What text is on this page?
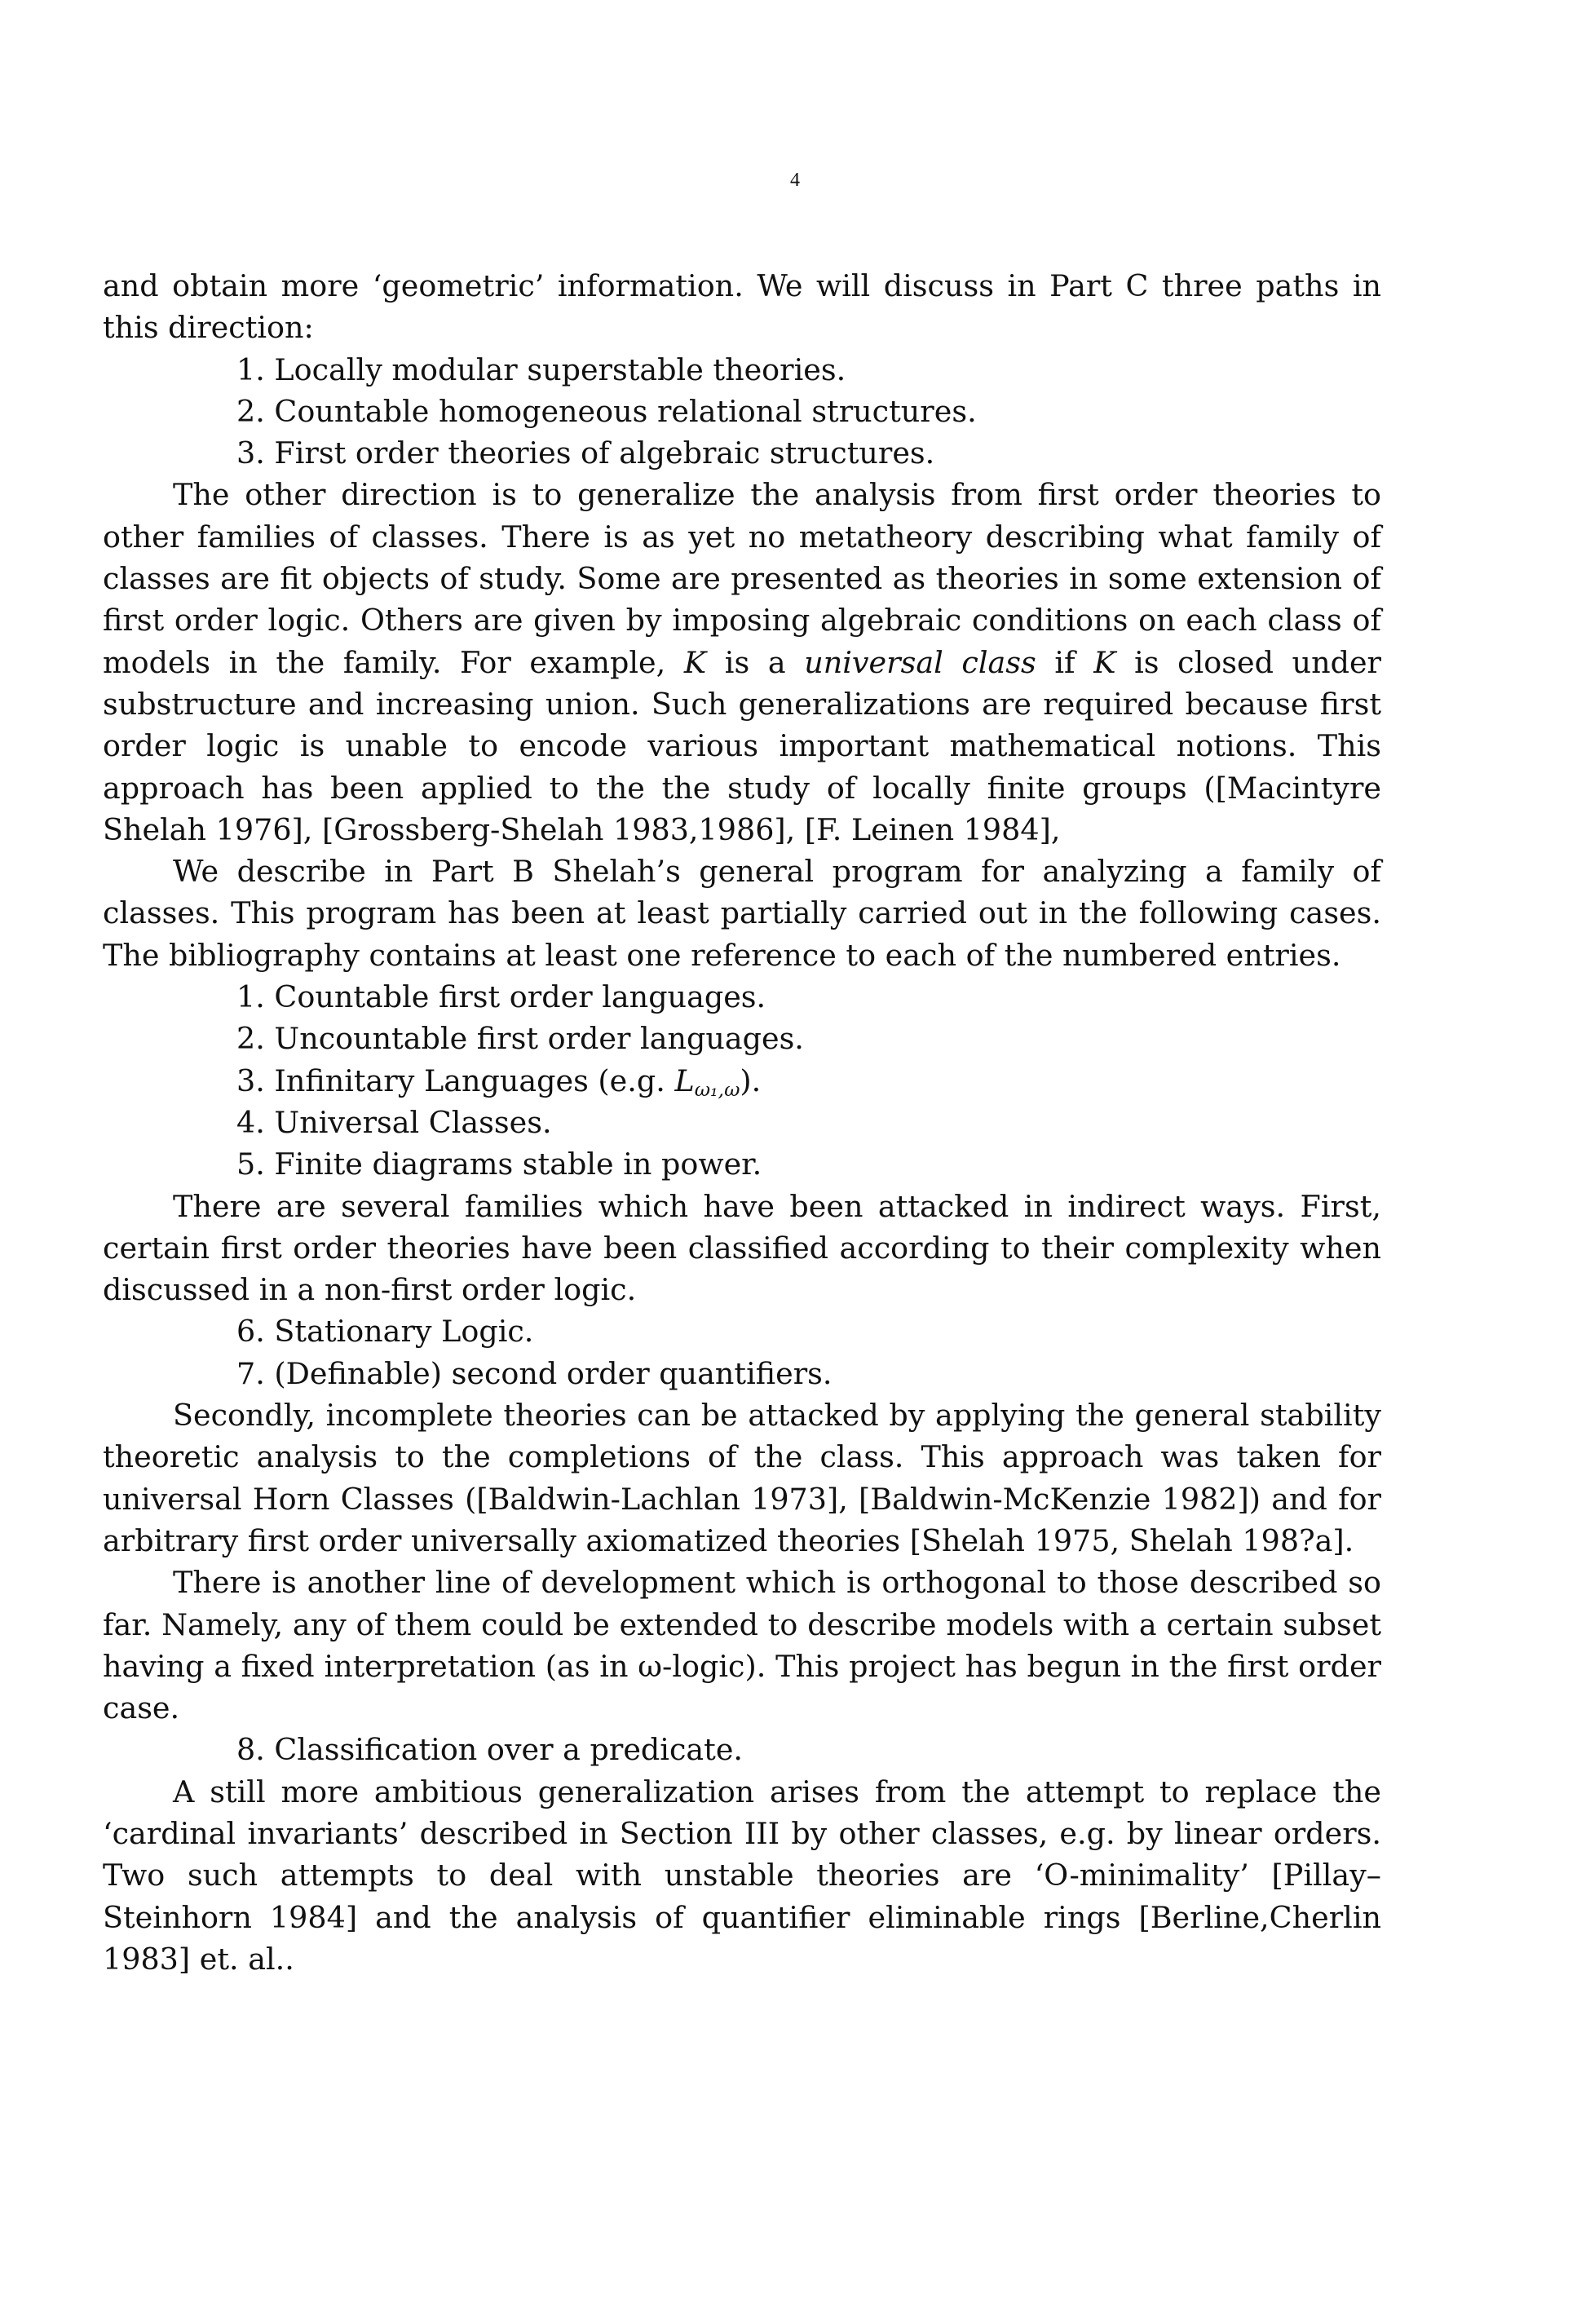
4

and obtain more ‘geometric’ information. We will discuss in Part C three paths in this direction:

1. Locally modular superstable theories.
2. Countable homogeneous relational structures.
3. First order theories of algebraic structures.

The other direction is to generalize the analysis from first order theories to other families of classes. There is as yet no metatheory describing what family of classes are fit objects of study. Some are presented as theories in some extension of first order logic. Others are given by imposing algebraic conditions on each class of models in the family. For example, K is a universal class if K is closed under substructure and increasing union. Such generalizations are required because first order logic is unable to encode various important mathematical notions. This approach has been applied to the the study of locally finite groups ([Macintyre Shelah 1976], [Grossberg-Shelah 1983,1986], [F. Leinen 1984],

We describe in Part B Shelah’s general program for analyzing a family of classes. This program has been at least partially carried out in the following cases. The bibliography contains at least one reference to each of the numbered entries.

1. Countable first order languages.
2. Uncountable first order languages.
3. Infinitary Languages (e.g. $L_{\omega_1,\omega}$).
4. Universal Classes.
5. Finite diagrams stable in power.

There are several families which have been attacked in indirect ways. First, certain first order theories have been classified according to their complexity when discussed in a non-first order logic.

6. Stationary Logic.
7. (Definable) second order quantifiers.

Secondly, incomplete theories can be attacked by applying the general stability theoretic analysis to the completions of the class. This approach was taken for universal Horn Classes ([Baldwin-Lachlan 1973], [Baldwin-McKenzie 1982]) and for arbitrary first order universally axiomatized theories [Shelah 1975, Shelah 198?a].

There is another line of development which is orthogonal to those described so far. Namely, any of them could be extended to describe models with a certain subset having a fixed interpretation (as in ω-logic). This project has begun in the first order case.

8. Classification over a predicate.

A still more ambitious generalization arises from the attempt to replace the ‘cardinal invariants’ described in Section III by other classes, e.g. by linear orders. Two such attempts to deal with unstable theories are ‘O-minimality’ [Pillay– Steinhorn 1984] and the analysis of quantifier eliminable rings [Berline,Cherlin 1983] et. al..
